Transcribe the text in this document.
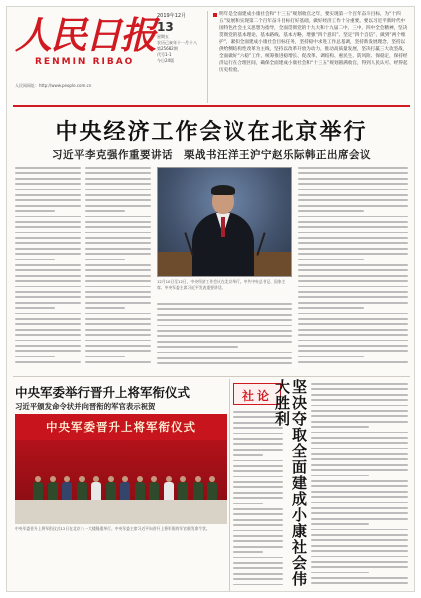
人民日报
RENMIN RIBAO
人民网网址：http://www.people.com.cn
2019年12月
13
星期五
农历己亥年十一月十八
第25682期
代号1-1
今日24版
明年是全面建成小康社会和“十三五”规划收官之年，要实现第一个百年奋斗目标，为“十四五”发展和实现第二个百年奋斗目标打好基础，做好经济工作十分重要。要以习近平新时代中国特色社会主义思想为指导，全面贯彻党的十九大和十九届二中、三中、四中全会精神，坚决贯彻党的基本理论、基本路线、基本方略，增强“四个意识”、坚定“四个自信”、做到“两个维护”，紧扣全面建成小康社会目标任务，坚持稳中求进工作总基调，坚持新发展理念，坚持以供给侧结构性改革为主线，坚持以改革开放为动力，推动高质量发展，坚决打赢三大攻坚战，全面做好“六稳”工作，统筹推进稳增长、促改革、调结构、惠民生、防风险、保稳定，保持经济运行在合理区间，确保全面建成小康社会和“十三五”规划圆满收官，得到人民认可、经得起历史检验。
中央经济工作会议在北京举行
习近平李克强作重要讲话　栗战书汪洋王沪宁赵乐际韩正出席会议
12月10日至12日，中央经济工作会议在北京举行。中共中央总书记、国家主席、中央军委主席习近平发表重要讲话。
中央军委举行晋升上将军衔仪式
习近平颁发命令状并向晋衔的军官表示祝贺
中央军委晋升上将军衔仪式
中央军委晋升上将军衔仪式12日在北京八一大楼隆重举行。中央军委主席习近平向晋升上将军衔的军官颁发命令状。
社论	坚决夺取全面建成小康社会伟大胜利
